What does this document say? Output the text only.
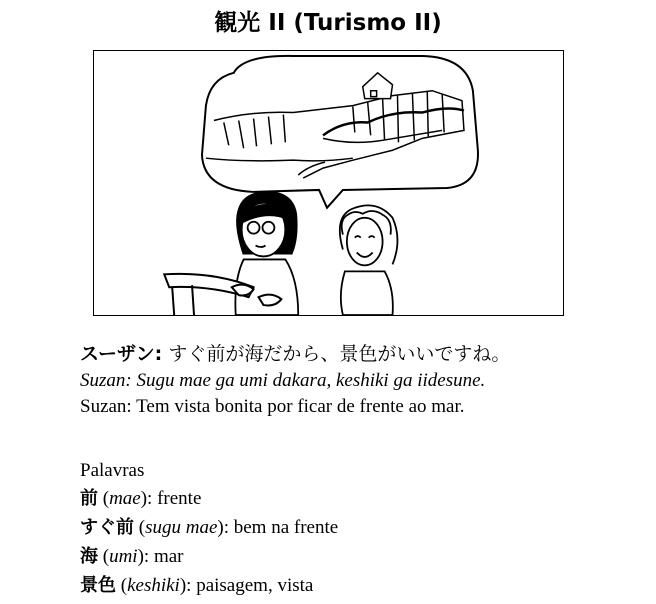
観光 II (Turismo II)
スーザン: すぐ前が海だから、景色がいいですね。
Suzan: Sugu mae ga umi dakara, keshiki ga iidesune.
Suzan: Tem vista bonita por ficar de frente ao mar.
Palavras
前 (mae): frente
すぐ前 (sugu mae): bem na frente
海 (umi): mar
景色 (keshiki): paisagem, vista
